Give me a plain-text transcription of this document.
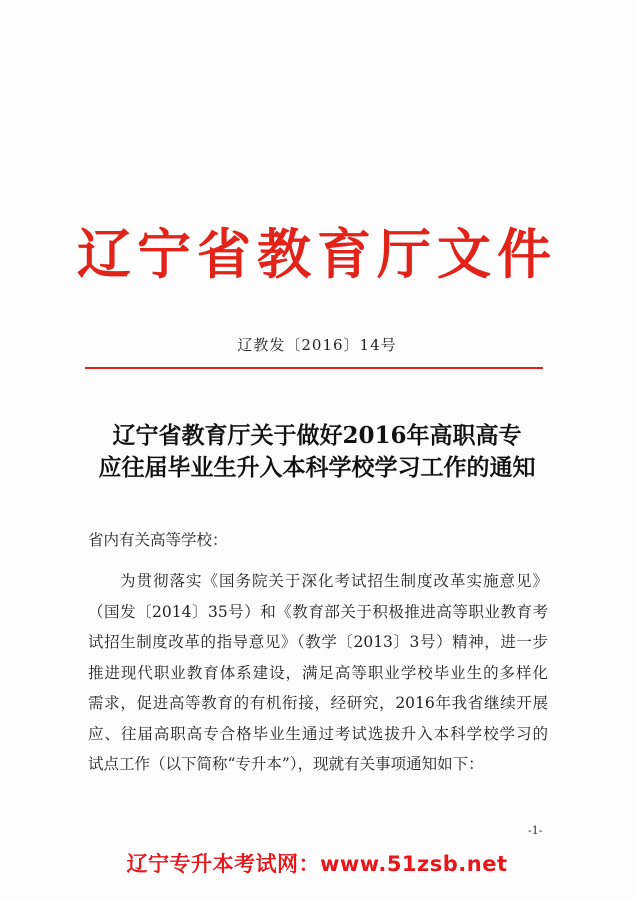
辽宁省教育厅文件
辽教发〔2016〕14号
辽宁省教育厅关于做好2016年高职高专
应往届毕业生升入本科学校学习工作的通知
省内有关高等学校：
为贯彻落实《国务院关于深化考试招生制度改革实施意见》
（国发〔2014〕35号）和《教育部关于积极推进高等职业教育考
试招生制度改革的指导意见》（教学〔2013〕3号）精神，进一步
推进现代职业教育体系建设，满足高等职业学校毕业生的多样化
需求，促进高等教育的有机衔接，经研究，2016年我省继续开展
应、往届高职高专合格毕业生通过考试选拔升入本科学校学习的
试点工作（以下简称“专升本”），现就有关事项通知如下：
-1-
辽宁专升本考试网：www.51zsb.net
